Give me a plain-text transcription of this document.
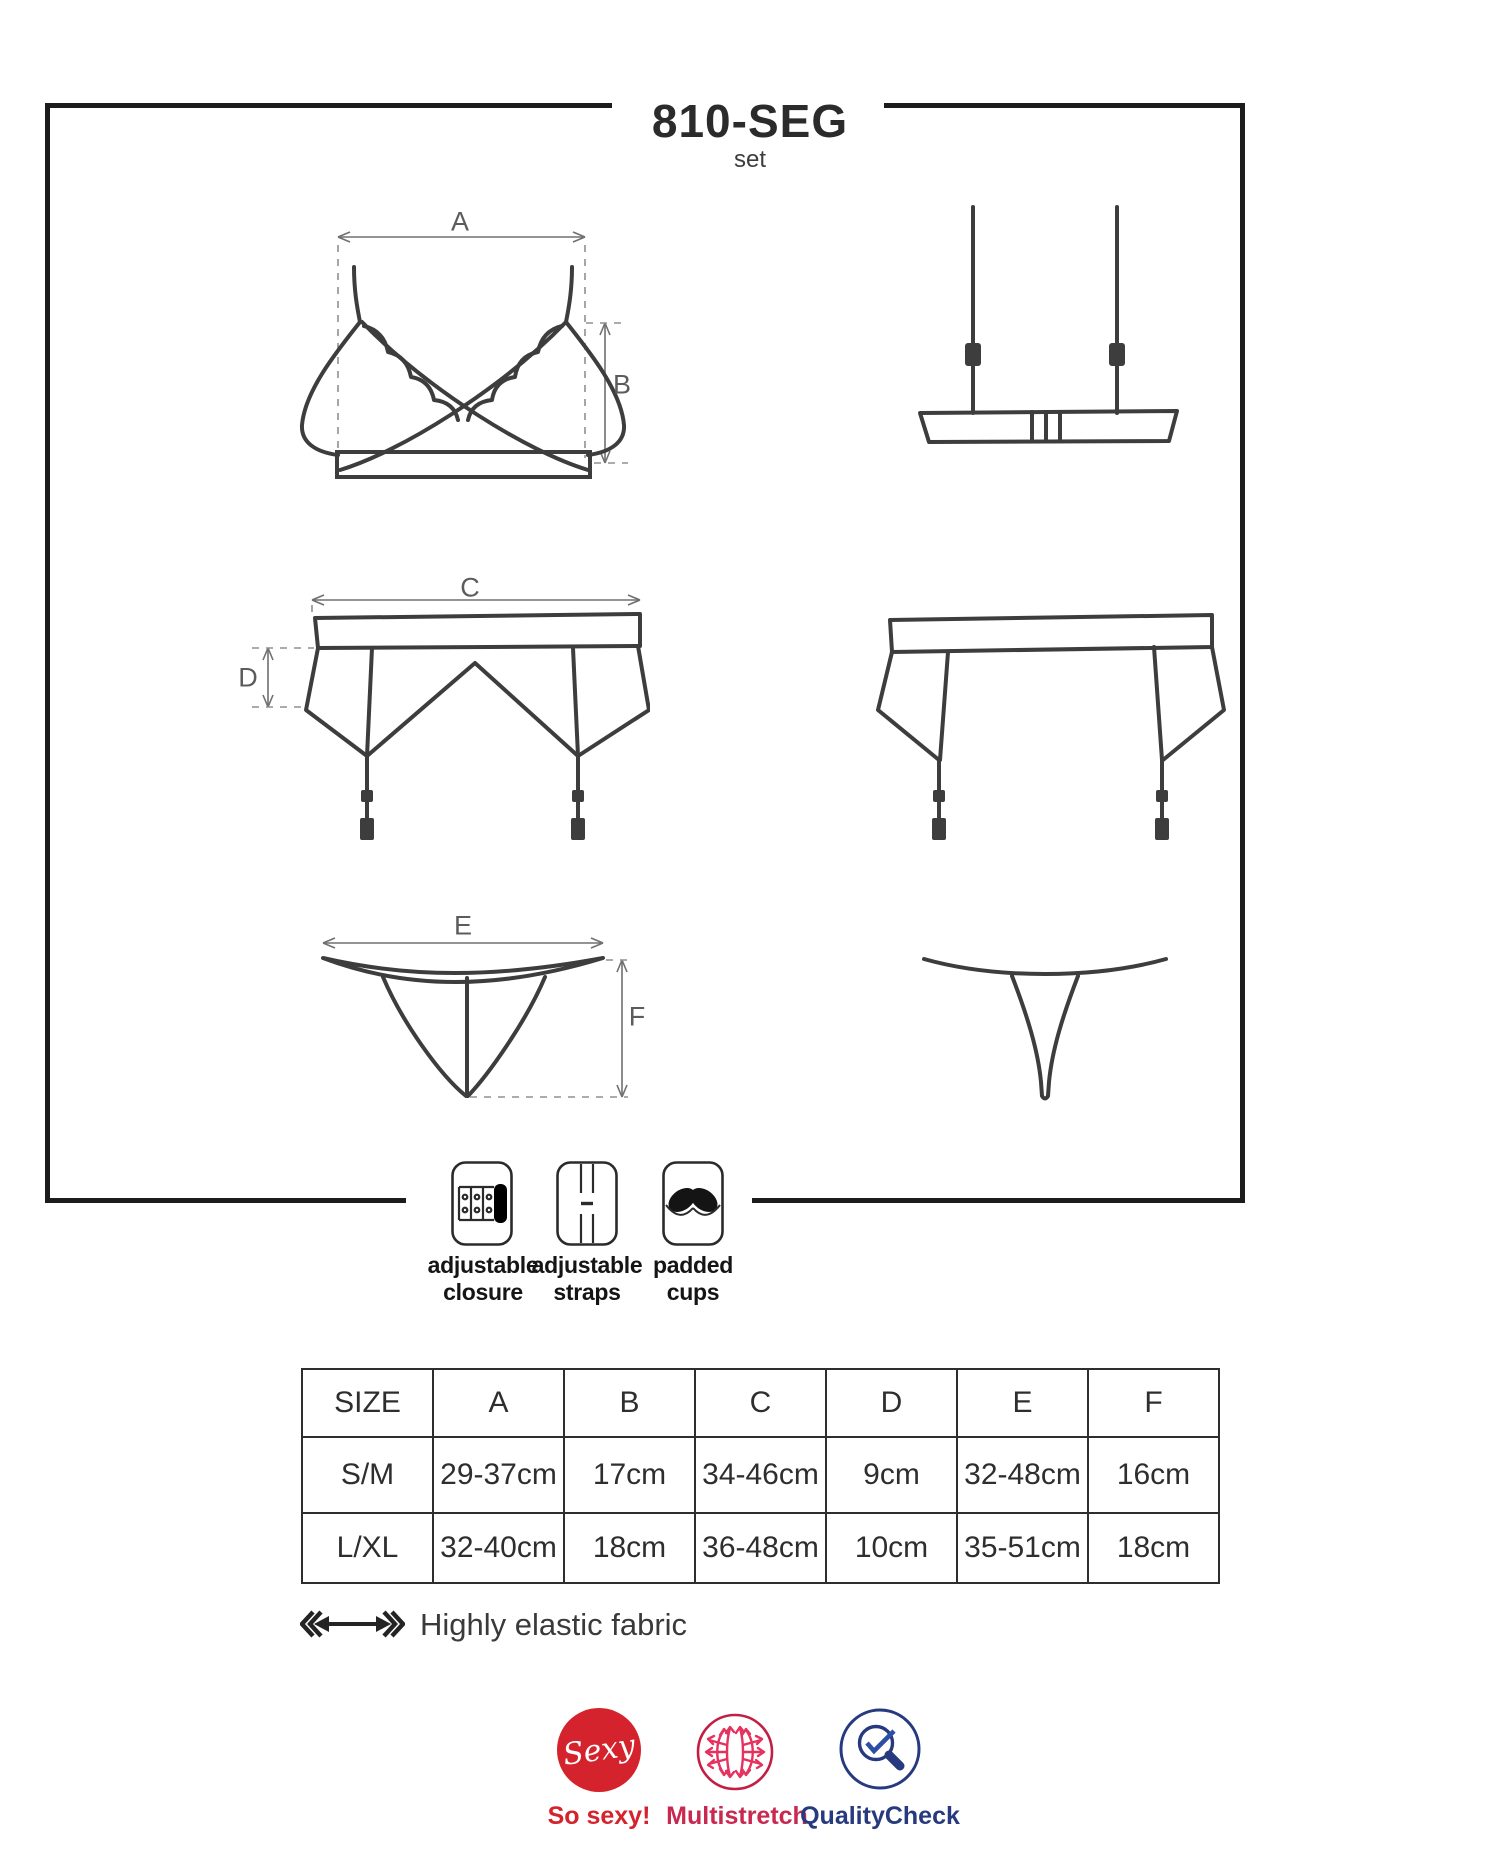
810-SEG
set
A
B
C
D
E
F
adjustable
closure
adjustable
straps
padded
cups
SIZE	A	B	C	D	E	F
S/M	29-37cm	17cm	34-46cm	9cm	32-48cm	16cm
L/XL	32-40cm	18cm	36-48cm	10cm	35-51cm	18cm
Highly elastic fabric
Sexy
So sexy! Multistretch
QualityCheck
